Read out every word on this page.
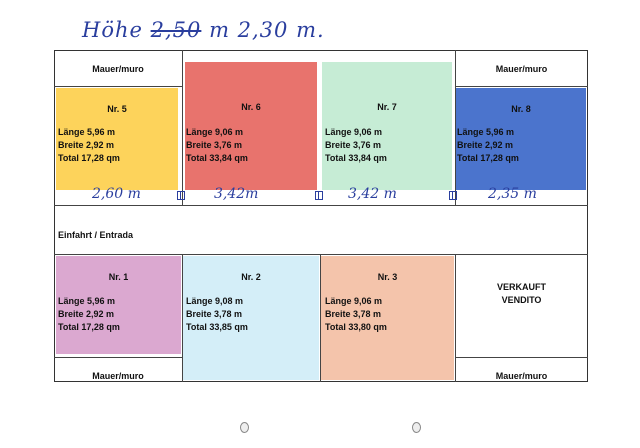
Höhe 2,50 m 2,30 m.
Mauer/muro	Mauer/muro
Mauer/muro	Mauer/muro
Einfahrt / Entrada
VERKAUFT
VENDITO
Nr. 5
Länge 5,96 m
Breite 2,92 m
Total 17,28 qm
Nr. 6
Länge 9,06 m
Breite 3,76 m
Total 33,84 qm
Nr. 7
Länge 9,06 m
Breite 3,76 m
Total 33,84 qm
Nr. 8
Länge 5,96 m
Breite 2,92 m
Total 17,28 qm
Nr. 1
Länge 5,96 m
Breite 2,92 m
Total 17,28 qm
Nr. 2
Länge 9,08 m
Breite 3,78 m
Total 33,85 qm
Nr. 3
Länge 9,06 m
Breite 3,78 m
Total 33,80 qm
2,60 m	3,42m	3,42 m	2,35 m
